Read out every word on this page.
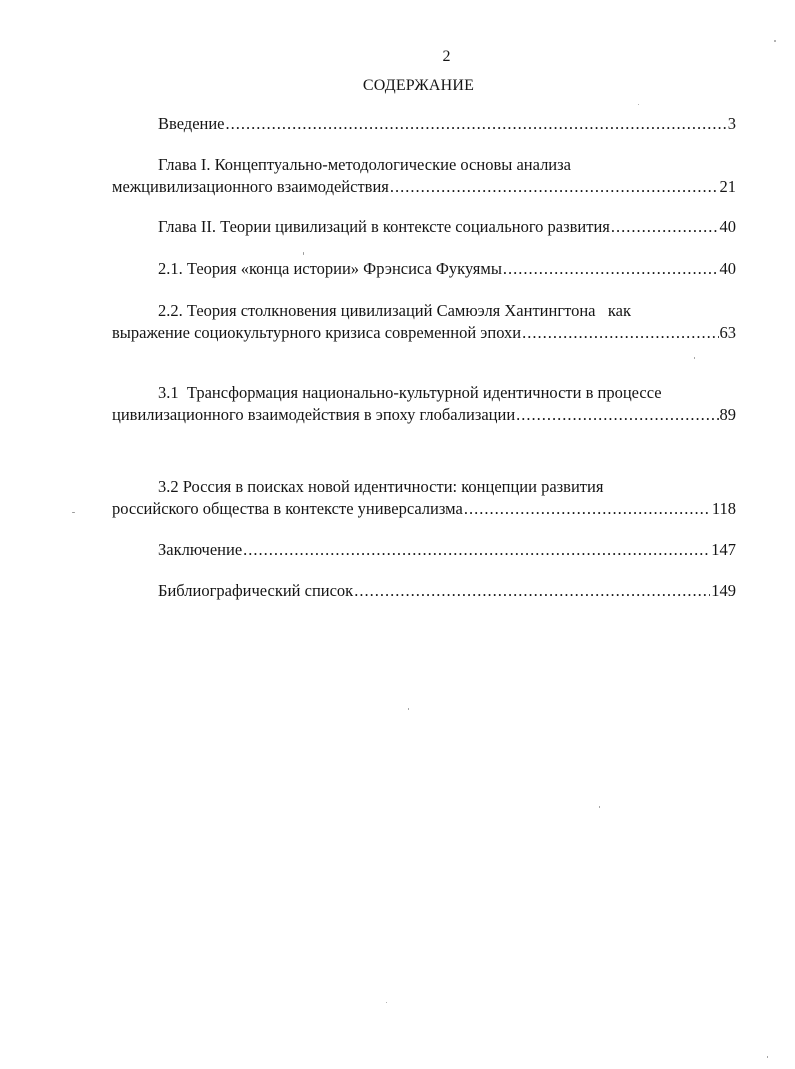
2
СОДЕРЖАНИЕ
Введение .....	3
Глава I. Концептуально-методологические основы анализа
межцивилизационного взаимодействия .....	21
Глава II. Теории цивилизаций в контексте социального развития .....	40
2.1. Теория «конца истории» Фрэнсиса Фукуямы .....	40
2.2. Теория столкновения цивилизаций Самюэля Хантингтона   как
выражение социокультурного кризиса современной эпохи .....	63
3.1  Трансформация национально-культурной идентичности в процессе
цивилизационного взаимодействия в эпоху глобализации .....	89
3.2 Россия в поисках новой идентичности: концепции развития
российского общества в контексте универсализма .....	118
Заключение .....	147
Библиографический список .....	149
